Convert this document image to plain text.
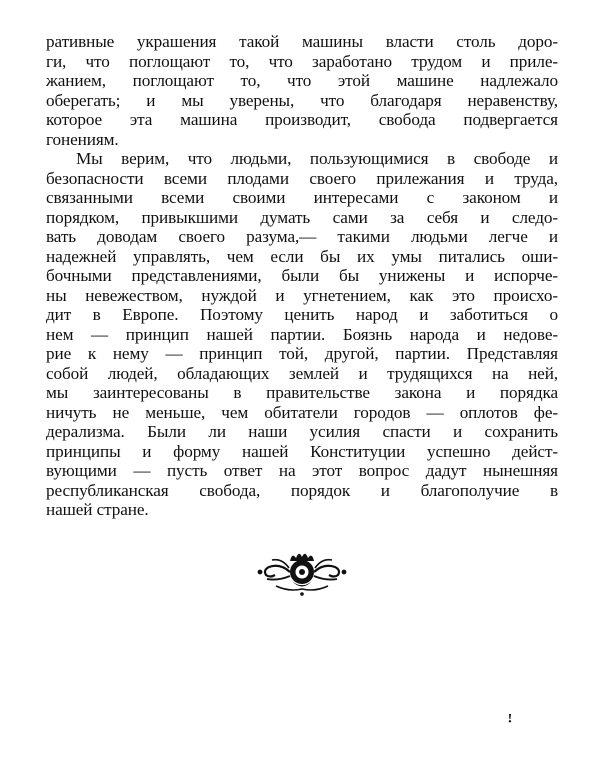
ративные украшения такой машины власти столь доро-
ги, что поглощают то, что заработано трудом и приле-
жанием, поглощают то, что этой машине надлежало
оберегать; и мы уверены, что благодаря неравенству,
которое эта машина производит, свобода подвергается
гонениям.
Мы верим, что людьми, пользующимися в свободе и
безопасности всеми плодами своего прилежания и труда,
связанными всеми своими интересами с законом и
порядком, привыкшими думать сами за себя и следо-
вать доводам своего разума,— такими людьми легче и
надежней управлять, чем если бы их умы питались оши-
бочными представлениями, были бы унижены и испорче-
ны невежеством, нуждой и угнетением, как это происхо-
дит в Европе. Поэтому ценить народ и заботиться о
нем — принцип нашей партии. Боязнь народа и недове-
рие к нему — принцип той, другой, партии. Представляя
собой людей, обладающих землей и трудящихся на ней,
мы заинтересованы в правительстве закона и порядка
ничуть не меньше, чем обитатели городов — оплотов фе-
дерализма. Были ли наши усилия спасти и сохранить
принципы и форму нашей Конституции успешно дейст-
вующими — пусть ответ на этот вопрос дадут нынешняя
республиканская свобода, порядок и благополучие в
нашей стране.
